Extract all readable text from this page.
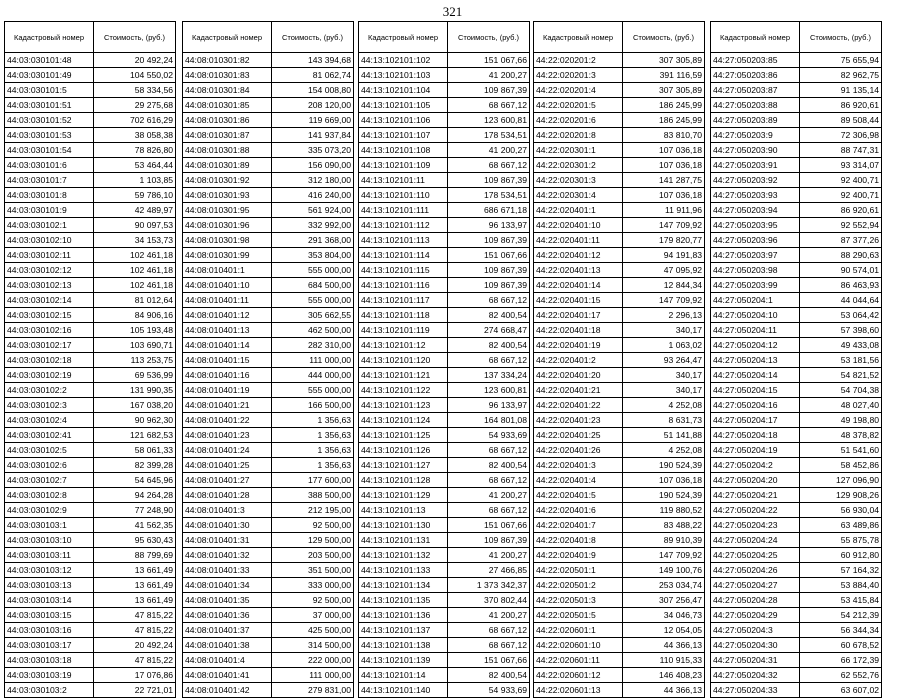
321
Кадастровый номер	Стоимость, (руб.)
44:03:030101:48	20 492,24
44:03:030101:49	104 550,02
44:03:030101:5	58 334,56
44:03:030101:51	29 275,68
44:03:030101:52	702 616,29
44:03:030101:53	38 058,38
44:03:030101:54	78 826,80
44:03:030101:6	53 464,44
44:03:030101:7	1 103,85
44:03:030101:8	59 786,10
44:03:030101:9	42 489,97
44:03:030102:1	90 097,53
44:03:030102:10	34 153,73
44:03:030102:11	102 461,18
44:03:030102:12	102 461,18
44:03:030102:13	102 461,18
44:03:030102:14	81 012,64
44:03:030102:15	84 906,16
44:03:030102:16	105 193,48
44:03:030102:17	103 690,71
44:03:030102:18	113 253,75
44:03:030102:19	69 536,99
44:03:030102:2	131 990,35
44:03:030102:3	167 038,20
44:03:030102:4	90 962,30
44:03:030102:41	121 682,53
44:03:030102:5	58 061,33
44:03:030102:6	82 399,28
44:03:030102:7	54 645,96
44:03:030102:8	94 264,28
44:03:030102:9	77 248,90
44:03:030103:1	41 562,35
44:03:030103:10	95 630,43
44:03:030103:11	88 799,69
44:03:030103:12	13 661,49
44:03:030103:13	13 661,49
44:03:030103:14	13 661,49
44:03:030103:15	47 815,22
44:03:030103:16	47 815,22
44:03:030103:17	20 492,24
44:03:030103:18	47 815,22
44:03:030103:19	17 076,86
44:03:030103:2	22 721,01
Кадастровый номер	Стоимость, (руб.)
44:08:010301:82	143 394,68
44:08:010301:83	81 062,74
44:08:010301:84	154 008,80
44:08:010301:85	208 120,00
44:08:010301:86	119 669,00
44:08:010301:87	141 937,84
44:08:010301:88	335 073,20
44:08:010301:89	156 090,00
44:08:010301:92	312 180,00
44:08:010301:93	416 240,00
44:08:010301:95	561 924,00
44:08:010301:96	332 992,00
44:08:010301:98	291 368,00
44:08:010301:99	353 804,00
44:08:010401:1	555 000,00
44:08:010401:10	684 500,00
44:08:010401:11	555 000,00
44:08:010401:12	305 662,55
44:08:010401:13	462 500,00
44:08:010401:14	282 310,00
44:08:010401:15	111 000,00
44:08:010401:16	444 000,00
44:08:010401:19	555 000,00
44:08:010401:21	166 500,00
44:08:010401:22	1 356,63
44:08:010401:23	1 356,63
44:08:010401:24	1 356,63
44:08:010401:25	1 356,63
44:08:010401:27	177 600,00
44:08:010401:28	388 500,00
44:08:010401:3	212 195,00
44:08:010401:30	92 500,00
44:08:010401:31	129 500,00
44:08:010401:32	203 500,00
44:08:010401:33	351 500,00
44:08:010401:34	333 000,00
44:08:010401:35	92 500,00
44:08:010401:36	37 000,00
44:08:010401:37	425 500,00
44:08:010401:38	314 500,00
44:08:010401:4	222 000,00
44:08:010401:41	111 000,00
44:08:010401:42	279 831,00
Кадастровый номер	Стоимость, (руб.)
44:13:102101:102	151 067,66
44:13:102101:103	41 200,27
44:13:102101:104	109 867,39
44:13:102101:105	68 667,12
44:13:102101:106	123 600,81
44:13:102101:107	178 534,51
44:13:102101:108	41 200,27
44:13:102101:109	68 667,12
44:13:102101:11	109 867,39
44:13:102101:110	178 534,51
44:13:102101:111	686 671,18
44:13:102101:112	96 133,97
44:13:102101:113	109 867,39
44:13:102101:114	151 067,66
44:13:102101:115	109 867,39
44:13:102101:116	109 867,39
44:13:102101:117	68 667,12
44:13:102101:118	82 400,54
44:13:102101:119	274 668,47
44:13:102101:12	82 400,54
44:13:102101:120	68 667,12
44:13:102101:121	137 334,24
44:13:102101:122	123 600,81
44:13:102101:123	96 133,97
44:13:102101:124	164 801,08
44:13:102101:125	54 933,69
44:13:102101:126	68 667,12
44:13:102101:127	82 400,54
44:13:102101:128	68 667,12
44:13:102101:129	41 200,27
44:13:102101:13	68 667,12
44:13:102101:130	151 067,66
44:13:102101:131	109 867,39
44:13:102101:132	41 200,27
44:13:102101:133	27 466,85
44:13:102101:134	1 373 342,37
44:13:102101:135	370 802,44
44:13:102101:136	41 200,27
44:13:102101:137	68 667,12
44:13:102101:138	68 667,12
44:13:102101:139	151 067,66
44:13:102101:14	82 400,54
44:13:102101:140	54 933,69
Кадастровый номер	Стоимость, (руб.)
44:22:020201:2	307 305,89
44:22:020201:3	391 116,59
44:22:020201:4	307 305,89
44:22:020201:5	186 245,99
44:22:020201:6	186 245,99
44:22:020201:8	83 810,70
44:22:020301:1	107 036,18
44:22:020301:2	107 036,18
44:22:020301:3	141 287,75
44:22:020301:4	107 036,18
44:22:020401:1	11 911,96
44:22:020401:10	147 709,92
44:22:020401:11	179 820,77
44:22:020401:12	94 191,83
44:22:020401:13	47 095,92
44:22:020401:14	12 844,34
44:22:020401:15	147 709,92
44:22:020401:17	2 296,13
44:22:020401:18	340,17
44:22:020401:19	1 063,02
44:22:020401:2	93 264,47
44:22:020401:20	340,17
44:22:020401:21	340,17
44:22:020401:22	4 252,08
44:22:020401:23	8 631,73
44:22:020401:25	51 141,88
44:22:020401:26	4 252,08
44:22:020401:3	190 524,39
44:22:020401:4	107 036,18
44:22:020401:5	190 524,39
44:22:020401:6	119 880,52
44:22:020401:7	83 488,22
44:22:020401:8	89 910,39
44:22:020401:9	147 709,92
44:22:020501:1	149 100,76
44:22:020501:2	253 034,74
44:22:020501:3	307 256,47
44:22:020501:5	34 046,73
44:22:020601:1	12 054,05
44:22:020601:10	44 366,13
44:22:020601:11	110 915,33
44:22:020601:12	146 408,23
44:22:020601:13	44 366,13
Кадастровый номер	Стоимость, (руб.)
44:27:050203:85	75 655,94
44:27:050203:86	82 962,75
44:27:050203:87	91 135,14
44:27:050203:88	86 920,61
44:27:050203:89	89 508,44
44:27:050203:9	72 306,98
44:27:050203:90	88 747,31
44:27:050203:91	93 314,07
44:27:050203:92	92 400,71
44:27:050203:93	92 400,71
44:27:050203:94	86 920,61
44:27:050203:95	92 552,94
44:27:050203:96	87 377,26
44:27:050203:97	88 290,63
44:27:050203:98	90 574,01
44:27:050203:99	86 463,93
44:27:050204:1	44 044,64
44:27:050204:10	53 064,42
44:27:050204:11	57 398,60
44:27:050204:12	49 433,08
44:27:050204:13	53 181,56
44:27:050204:14	54 821,52
44:27:050204:15	54 704,38
44:27:050204:16	48 027,40
44:27:050204:17	49 198,80
44:27:050204:18	48 378,82
44:27:050204:19	51 541,60
44:27:050204:2	58 452,86
44:27:050204:20	127 096,90
44:27:050204:21	129 908,26
44:27:050204:22	56 930,04
44:27:050204:23	63 489,86
44:27:050204:24	55 875,78
44:27:050204:25	60 912,80
44:27:050204:26	57 164,32
44:27:050204:27	53 884,40
44:27:050204:28	53 415,84
44:27:050204:29	54 212,39
44:27:050204:3	56 344,34
44:27:050204:30	60 678,52
44:27:050204:31	66 172,39
44:27:050204:32	62 552,76
44:27:050204:33	63 607,02
